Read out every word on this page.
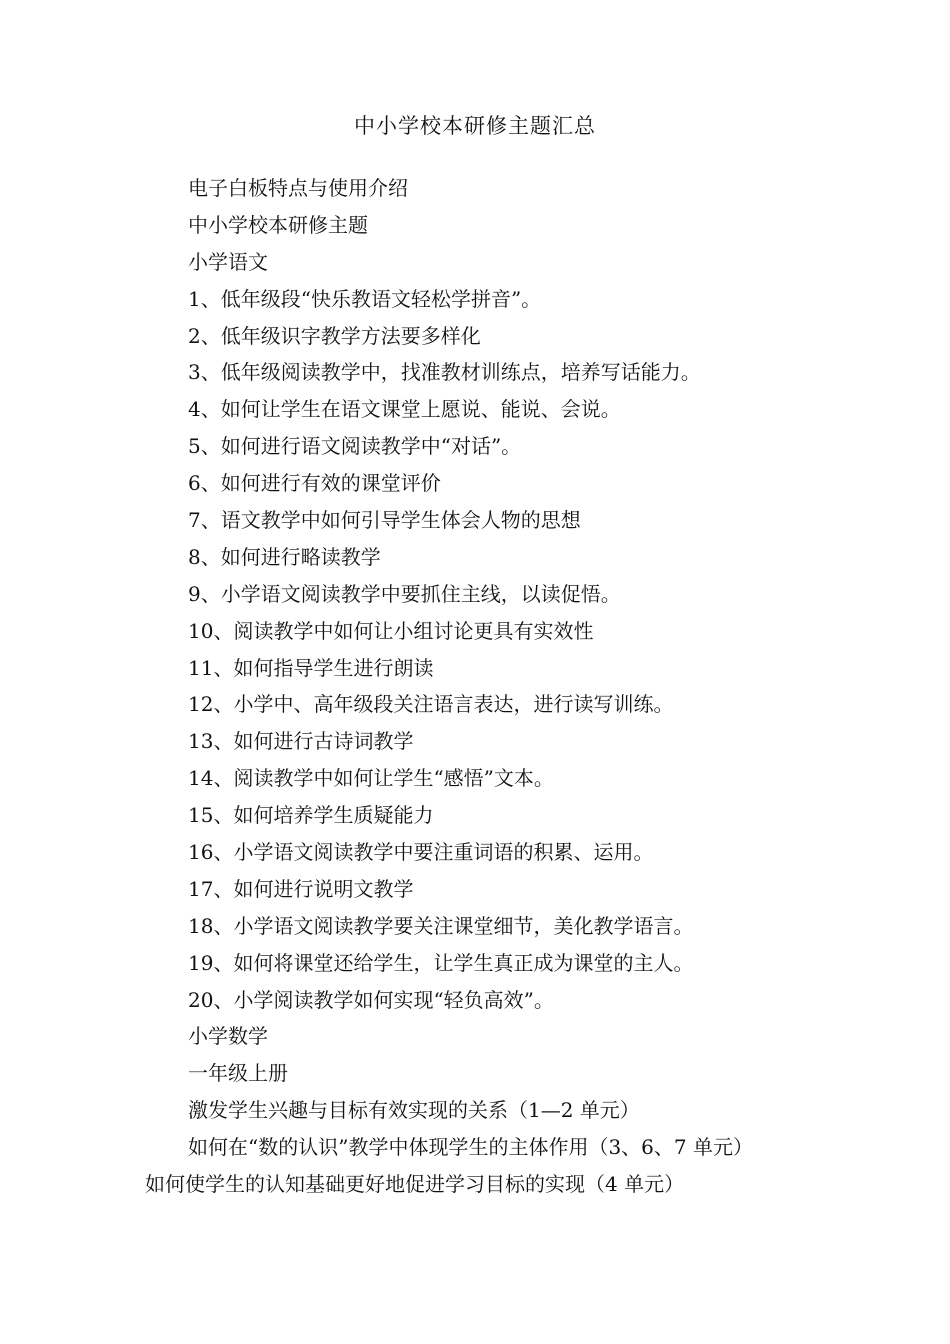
中小学校本研修主题汇总
电子白板特点与使用介绍
中小学校本研修主题
小学语文
1、低年级段“快乐教语文轻松学拼音”。
2、低年级识字教学方法要多样化
3、低年级阅读教学中，找准教材训练点，培养写话能力。
4、如何让学生在语文课堂上愿说、能说、会说。
5、如何进行语文阅读教学中“对话”。
6、如何进行有效的课堂评价
7、语文教学中如何引导学生体会人物的思想
8、如何进行略读教学
9、小学语文阅读教学中要抓住主线，以读促悟。
10、阅读教学中如何让小组讨论更具有实效性
11、如何指导学生进行朗读
12、小学中、高年级段关注语言表达，进行读写训练。
13、如何进行古诗词教学
14、阅读教学中如何让学生“感悟”文本。
15、如何培养学生质疑能力
16、小学语文阅读教学中要注重词语的积累、运用。
17、如何进行说明文教学
18、小学语文阅读教学要关注课堂细节，美化教学语言。
19、如何将课堂还给学生，让学生真正成为课堂的主人。
20、小学阅读教学如何实现“轻负高效”。
小学数学
一年级上册
激发学生兴趣与目标有效实现的关系（1—2 单元）
如何在“数的认识”教学中体现学生的主体作用（3、6、7 单元）
如何使学生的认知基础更好地促进学习目标的实现（4 单元）
